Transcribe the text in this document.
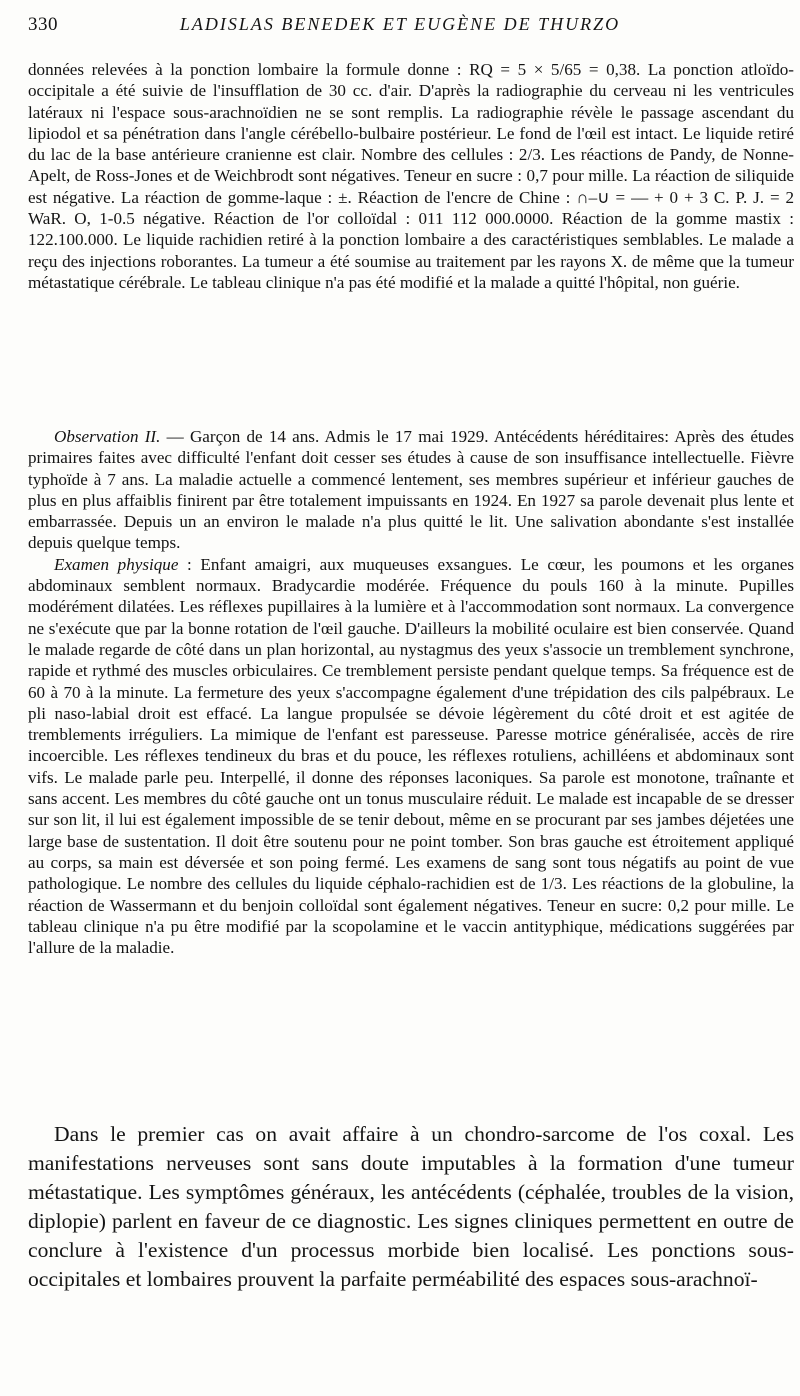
330	LADISLAS BENEDEK ET EUGÈNE DE THURZO

données relevées à la ponction lombaire la formule donne : RQ = 5 × 5/65 = 0,38. La ponction atloïdo-occipitale a été suivie de l'insufflation de 30 cc. d'air. D'après la radiographie du cerveau ni les ventricules latéraux ni l'espace sous-arachnoïdien ne se sont remplis. La radiographie révèle le passage ascendant du lipiodol et sa pénétration dans l'angle cérébello-bulbaire postérieur. Le fond de l'œil est intact. Le liquide retiré du lac de la base antérieure cranienne est clair. Nombre des cellules : 2/3. Les réactions de Pandy, de Nonne-Apelt, de Ross-Jones et de Weichbrodt sont négatives. Teneur en sucre : 0,7 pour mille. La réaction de siliquide est négative. La réaction de gomme-laque : ±. Réaction de l'encre de Chine : ∩–∪ = — + 0 + 3 C. P. J. = 2 WaR. O, 1-0.5 négative. Réaction de l'or colloïdal : 011 112 000.0000. Réaction de la gomme mastix : 122.100.000. Le liquide rachidien retiré à la ponction lombaire a des caractéristiques semblables. Le malade a reçu des injections roborantes. La tumeur a été soumise au traitement par les rayons X. de même que la tumeur métastatique cérébrale. Le tableau clinique n'a pas été modifié et la malade a quitté l'hôpital, non guérie.

Observation II. — Garçon de 14 ans. Admis le 17 mai 1929. Antécédents héréditaires: Après des études primaires faites avec difficulté l'enfant doit cesser ses études à cause de son insuffisance intellectuelle. Fièvre typhoïde à 7 ans. La maladie actuelle a commencé lentement, ses membres supérieur et inférieur gauches de plus en plus affaiblis finirent par être totalement impuissants en 1924. En 1927 sa parole devenait plus lente et embarrassée. Depuis un an environ le malade n'a plus quitté le lit. Une salivation abondante s'est installée depuis quelque temps.

Examen physique : Enfant amaigri, aux muqueuses exsangues. Le cœur, les poumons et les organes abdominaux semblent normaux. Bradycardie modérée. Fréquence du pouls 160 à la minute. Pupilles modérément dilatées. Les réflexes pupillaires à la lumière et à l'accommodation sont normaux. La convergence ne s'exécute que par la bonne rotation de l'œil gauche. D'ailleurs la mobilité oculaire est bien conservée. Quand le malade regarde de côté dans un plan horizontal, au nystagmus des yeux s'associe un tremblement synchrone, rapide et rythmé des muscles orbiculaires. Ce tremblement persiste pendant quelque temps. Sa fréquence est de 60 à 70 à la minute. La fermeture des yeux s'accompagne également d'une trépidation des cils palpébraux. Le pli naso-labial droit est effacé. La langue propulsée se dévoie légèrement du côté droit et est agitée de tremblements irréguliers. La mimique de l'enfant est paresseuse. Paresse motrice généralisée, accès de rire incoercible. Les réflexes tendineux du bras et du pouce, les réflexes rotuliens, achilléens et abdominaux sont vifs. Le malade parle peu. Interpellé, il donne des réponses laconiques. Sa parole est monotone, traînante et sans accent. Les membres du côté gauche ont un tonus musculaire réduit. Le malade est incapable de se dresser sur son lit, il lui est également impossible de se tenir debout, même en se procurant par ses jambes déjetées une large base de sustentation. Il doit être soutenu pour ne point tomber. Son bras gauche est étroitement appliqué au corps, sa main est déversée et son poing fermé. Les examens de sang sont tous négatifs au point de vue pathologique. Le nombre des cellules du liquide céphalo-rachidien est de 1/3. Les réactions de la globuline, la réaction de Wassermann et du benjoin colloïdal sont également négatives. Teneur en sucre: 0,2 pour mille. Le tableau clinique n'a pu être modifié par la scopolamine et le vaccin antityphique, médications suggérées par l'allure de la maladie.

Dans le premier cas on avait affaire à un chondro-sarcome de l'os coxal. Les manifestations nerveuses sont sans doute imputables à la formation d'une tumeur métastatique. Les symptômes généraux, les antécédents (céphalée, troubles de la vision, diplopie) parlent en faveur de ce diagnostic. Les signes cliniques permettent en outre de conclure à l'existence d'un processus morbide bien localisé. Les ponctions sous-occipitales et lombaires prouvent la parfaite perméabilité des espaces sous-arachnoï-
